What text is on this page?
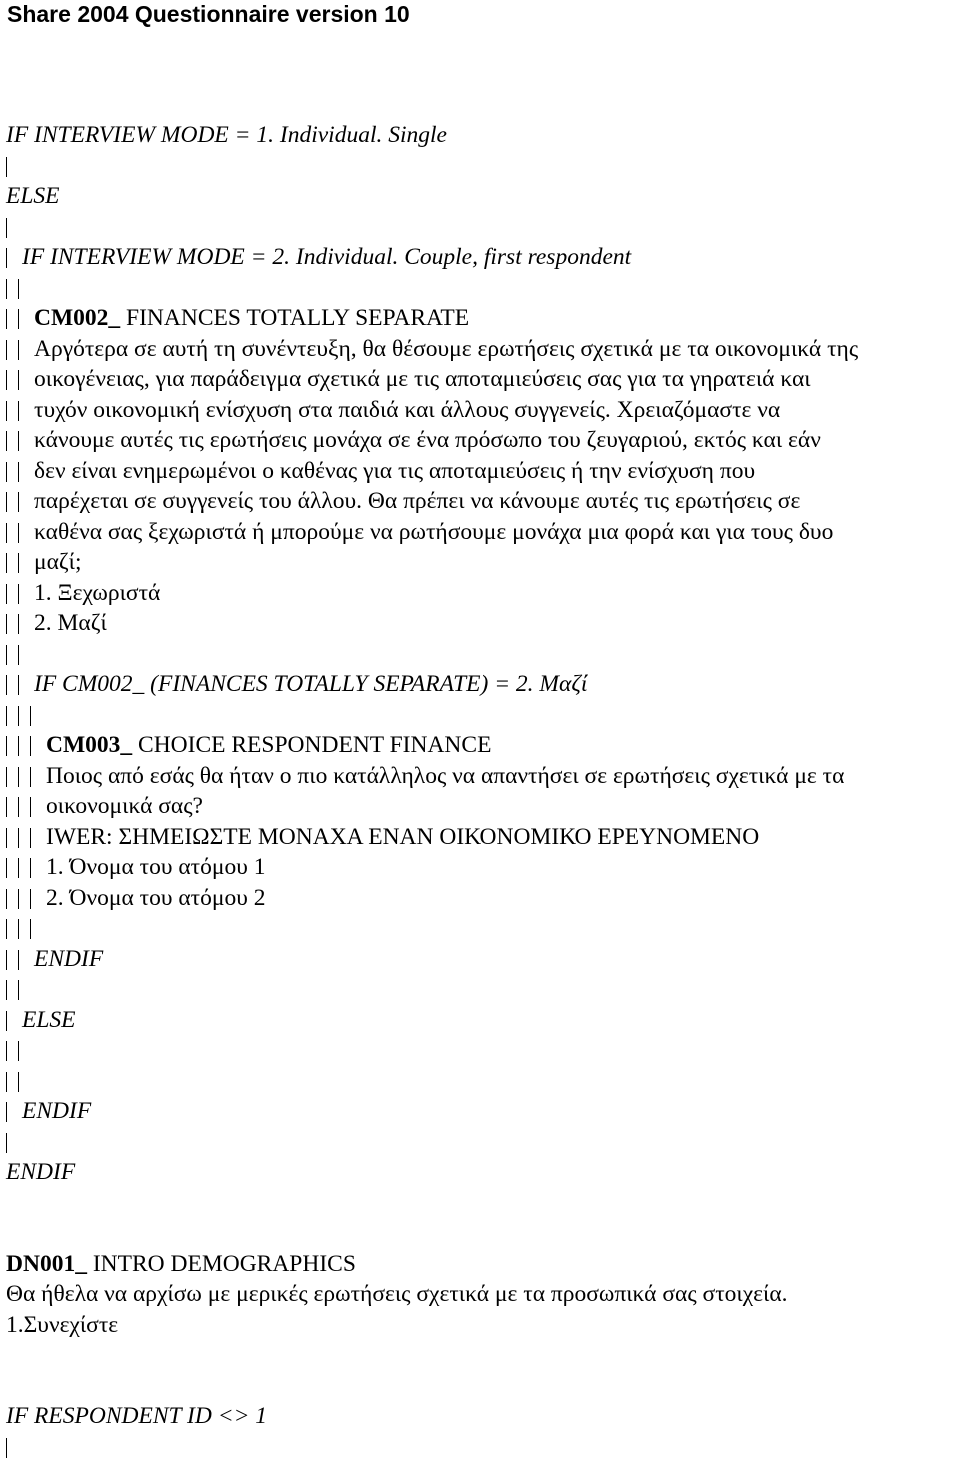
Share 2004 Questionnaire version 10
IF INTERVIEW MODE = 1. Individual. Single
ELSE
IF INTERVIEW MODE = 2. Individual. Couple, first respondent
CM002_ FINANCES TOTALLY SEPARATE
Αργότερα σε αυτή τη συνέντευξη, θα θέσουμε ερωτήσεις σχετικά με τα οικονομικά της
οικογένειας, για παράδειγμα σχετικά με τις αποταμιεύσεις σας για τα γηρατειά και
τυχόν οικονομική ενίσχυση στα παιδιά και άλλους συγγενείς. Χρειαζόμαστε να
κάνουμε αυτές τις ερωτήσεις μονάχα σε ένα πρόσωπο του ζευγαριού, εκτός και εάν
δεν είναι ενημερωμένοι ο καθένας για τις αποταμιεύσεις ή την ενίσχυση που
παρέχεται σε συγγενείς του άλλου. Θα πρέπει να κάνουμε αυτές τις ερωτήσεις σε
καθένα σας ξεχωριστά ή μπορούμε να ρωτήσουμε μονάχα μια φορά και για τους δυο
μαζί;
1. Ξεχωριστά
2. Μαζί
IF CM002_ (FINANCES TOTALLY SEPARATE) = 2. Μαζί
CM003_ CHOICE RESPONDENT FINANCE
Ποιος από εσάς θα ήταν ο πιο κατάλληλος να απαντήσει σε ερωτήσεις σχετικά με τα
οικονομικά σας?
IWER: ΣΗΜΕΙΩΣΤΕ ΜΟΝΑΧΑ ΕΝΑΝ ΟΙΚΟΝΟΜΙΚΟ ΕΡΕΥΝΟΜΕΝΟ
1. Όνομα του ατόμου 1
2. Όνομα του ατόμου 2
ENDIF
ELSE
ENDIF
ENDIF
DN001_ INTRO DEMOGRAPHICS
Θα ήθελα να αρχίσω με μερικές ερωτήσεις σχετικά με τα προσωπικά σας στοιχεία.
1.Συνεχίστε
IF RESPONDENT ID <> 1
